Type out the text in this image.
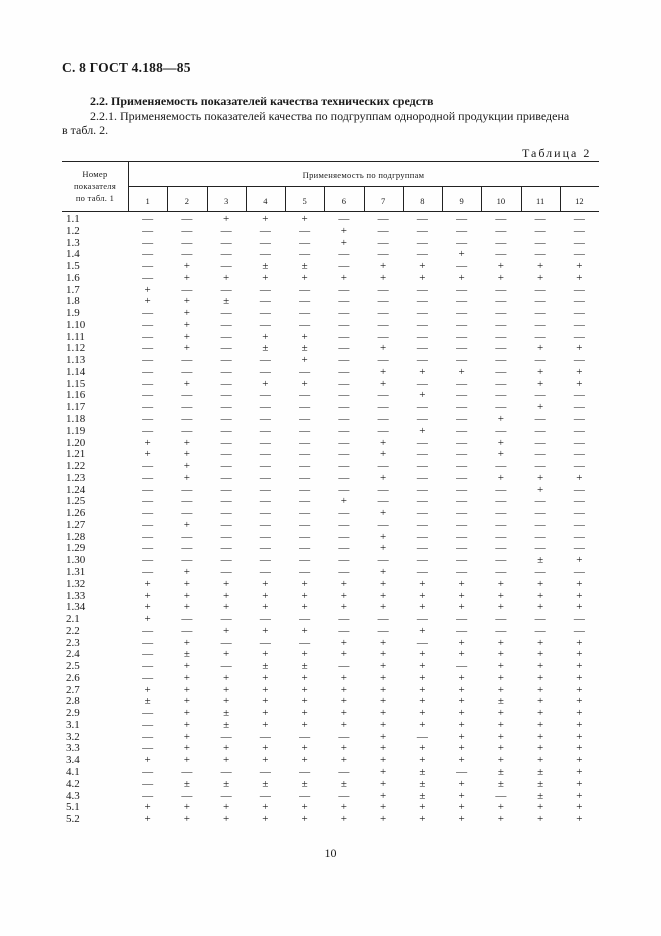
С. 8 ГОСТ 4.188—85
2.2. Применяемость показателей качества технических средств
2.2.1. Применяемость показателей качества по подгруппам однородной продукции приведена
в табл. 2.
Таблица 2
Номер
показателя
по табл. 1
Применяемость по подгруппам
1	2	3	4	5	6	7	8	9	10	11	12
1.1	—	—	+	+	+	—	—	—	—	—	—	—
1.2	—	—	—	—	—	+	—	—	—	—	—	—
1.3	—	—	—	—	—	+	—	—	—	—	—	—
1.4	—	—	—	—	—	—	—	—	+	—	—	—
1.5	—	+	—	±	±	—	+	+	—	+	+	+
1.6	—	+	+	+	+	+	+	+	+	+	+	+
1.7	+	—	—	—	—	—	—	—	—	—	—	—
1.8	+	+	±	—	—	—	—	—	—	—	—	—
1.9	—	+	—	—	—	—	—	—	—	—	—	—
1.10	—	+	—	—	—	—	—	—	—	—	—	—
1.11	—	+	—	+	+	—	—	—	—	—	—	—
1.12	—	+	—	±	±	—	+	—	—	—	+	+
1.13	—	—	—	—	+	—	—	—	—	—	—	—
1.14	—	—	—	—	—	—	+	+	+	—	+	+
1.15	—	+	—	+	+	—	+	—	—	—	+	+
1.16	—	—	—	—	—	—	—	+	—	—	—	—
1.17	—	—	—	—	—	—	—	—	—	—	+	—
1.18	—	—	—	—	—	—	—	—	—	+	—	—
1.19	—	—	—	—	—	—	—	+	—	—	—	—
1.20	+	+	—	—	—	—	+	—	—	+	—	—
1.21	+	+	—	—	—	—	+	—	—	+	—	—
1.22	—	+	—	—	—	—	—	—	—	—	—	—
1.23	—	+	—	—	—	—	+	—	—	+	+	+
1.24	—	—	—	—	—	—	—	—	—	—	+	—
1.25	—	—	—	—	—	+	—	—	—	—	—	—
1.26	—	—	—	—	—	—	+	—	—	—	—	—
1.27	—	+	—	—	—	—	—	—	—	—	—	—
1.28	—	—	—	—	—	—	+	—	—	—	—	—
1.29	—	—	—	—	—	—	+	—	—	—	—	—
1.30	—	—	—	—	—	—	—	—	—	—	±	+
1.31	—	+	—	—	—	—	+	—	—	—	—	—
1.32	+	+	+	+	+	+	+	+	+	+	+	+
1.33	+	+	+	+	+	+	+	+	+	+	+	+
1.34	+	+	+	+	+	+	+	+	+	+	+	+
2.1	+	—	—	—	—	—	—	—	—	—	—	—
2.2	—	—	+	+	+	—	—	+	—	—	—	—
2.3	—	+	—	—	—	+	+	—	+	+	+	+
2.4	—	±	+	+	+	+	+	+	+	+	+	+
2.5	—	+	—	±	±	—	+	+	—	+	+	+
2.6	—	+	+	+	+	+	+	+	+	+	+	+
2.7	+	+	+	+	+	+	+	+	+	+	+	+
2.8	±	+	+	+	+	+	+	+	+	±	+	+
2.9	—	+	±	+	+	+	+	+	+	+	+	+
3.1	—	+	±	+	+	+	+	+	+	+	+	+
3.2	—	+	—	—	—	—	+	—	+	+	+	+
3.3	—	+	+	+	+	+	+	+	+	+	+	+
3.4	+	+	+	+	+	+	+	+	+	+	+	+
4.1	—	—	—	—	—	—	+	±	—	±	±	+
4.2	—	±	±	±	±	±	+	±	+	±	±	+
4.3	—	—	—	—	—	—	+	±	+	—	±	+
5.1	+	+	+	+	+	+	+	+	+	+	+	+
5.2	+	+	+	+	+	+	+	+	+	+	+	+
10
